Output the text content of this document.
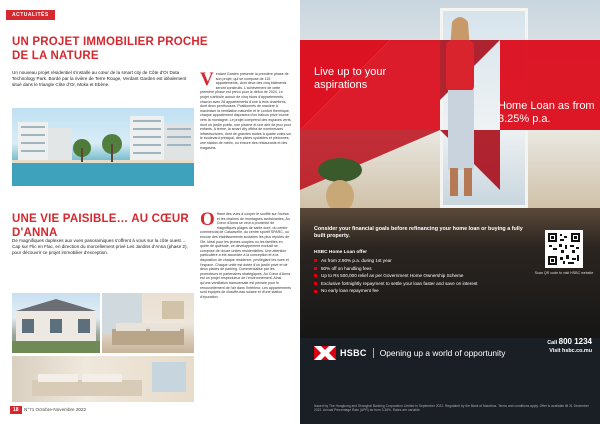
ACTUALITÉS
UN PROJET IMMOBILIER PROCHE DE LA NATURE
Un nouveau projet résidentiel s'installe au cœur de la smart city de Côte d'Or Data Technology Park. Bordé par la rivière de Terre Rouge, Verdant Garden est idéalement situé dans le triangle Côte d'Or, Moka et Ebène.	V erdant Garden présente la première phase de son projet, qui se compose de 115 appartements, dont deux des cinq bâtiments seront construits. L'achèvement de cette première phase est prévu pour le début de 2024. Le projet s'articule autour de cinq blocs d'appartements, chacun avec 28 appartements d'une à trois chambres, dont deux penthouses. Positionnés de manière à maximiser la ventilation naturelle et le confort thermique, chaque appartement disposera d'un balcon privé tourné vers la montagne. Le projet comprend des espaces verts, dont un jardin public, une piscine et une aire de jeux pour enfants. A terme, la smart city offrira de nombreuses infrastructures, dont de grandes routes à quatre voies sur le boulevard principal, des pistes cyclables et piétonnes, une station de métro, ou encore des restaurants et des magasins.
UNE VIE PAISIBLE… AU CŒUR D'ANNA
De magnifiques duplexes aux vues panoramiques s'offrent à vous sur la côte ouest… Cap sur Flic en Flac, en direction du morcellement privé Les Jardins d'Anna (phase 2), pour découvrir ce projet immobilier d'exception.
O ffrant des vues à couper le souffle sur l'océan et les chaînes de montagnes avoisinantes, Au Cœur d'Anna se veut à proximité de magnifiques plages de sable doré, du centre commercial de Cascavelle, du centre sportif SPARC, ou encore des établissements scolaires les plus réputés de l'île. Idéal pour les jeunes couples ou les familles en quête de quiétude, ce développement exclusif se compose de douze unités résidentielles. Une attention particulière a été accordée à la conception et à la disposition de chaque résidence, privilégiant les vues et l'espace. Chaque unité est dotée d'un jardin privé et de deux places de parking. Commercialisé par les promoteurs et partenaires stratégiques, Au Cœur d'Anna est un projet respectueux de l'environnement. Ainsi qu'une ventilation transversale est pensée pour le renouvellement de l'air dans l'intérieur. Les appartements sont équipés de chauffe-eau solaire et d'une station d'épuration.
18	N°71 Octobre-Novembre 2022
Live up to your aspirations
Home Loan as from 3.25% p.a.
Consider your financial goals before refinancing your home loan or buying a fully built property.
HSBC Home Loan offer
As from 2.90% p.a. during 1st year
50% off on handling fees
Up to Rs 500,000 relief as per Government Home Ownership Scheme
Exclusive fortnightly repayment to settle your loan faster and save on interest
No early loan repayment fee
Scan QR code to visit HSBC website
Call 800 1234
Visit hsbc.co.mu
HSBC	Opening up a world of opportunity
Issued by The Hongkong and Shanghai Banking Corporation Limited in September 2022. Regulated by the Bank of Mauritius. Terms and conditions apply. Offer is available till 31 December 2022. Annual Percentage Rate (APR) as from 3.36%. Rates are variable.
